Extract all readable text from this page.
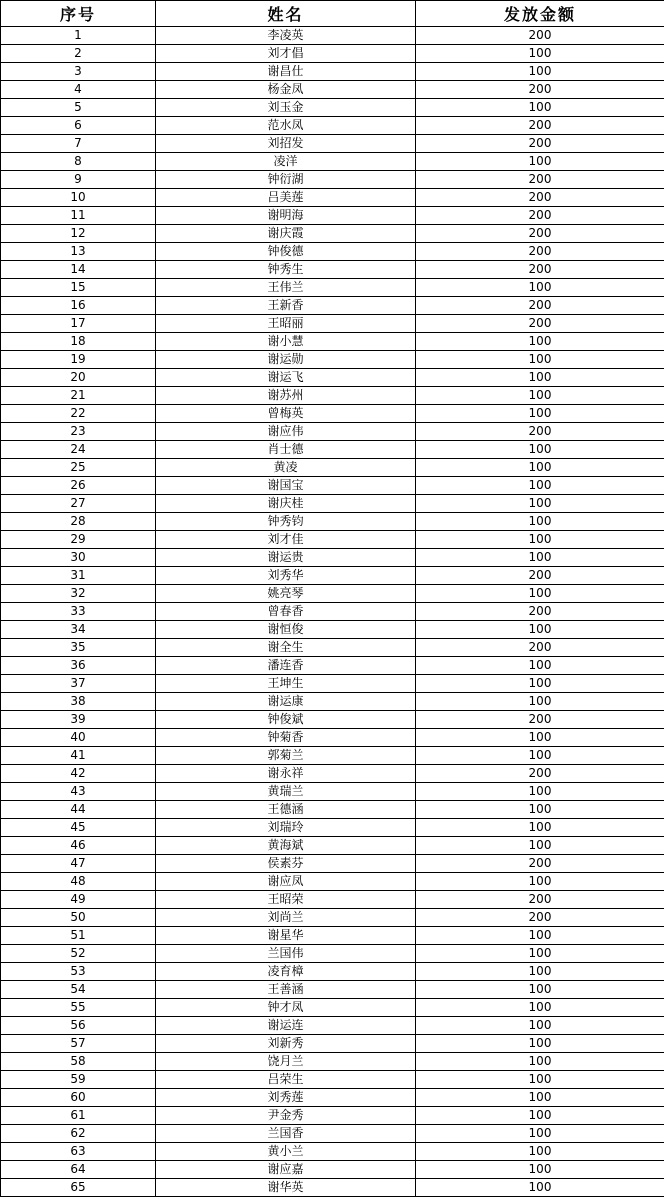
序号	姓名	发放金额
1	李凌英	200
2	刘才倡	100
3	谢昌仕	100
4	杨金凤	200
5	刘玉金	100
6	范水凤	200
7	刘招发	200
8	凌洋	100
9	钟衍湖	200
10	吕美莲	200
11	谢明海	200
12	谢庆霞	200
13	钟俊德	200
14	钟秀生	200
15	王伟兰	100
16	王新香	200
17	王昭丽	200
18	谢小慧	100
19	谢运勋	100
20	谢运飞	100
21	谢苏州	100
22	曾梅英	100
23	谢应伟	200
24	肖士德	100
25	黄凌	100
26	谢国宝	100
27	谢庆桂	100
28	钟秀钧	100
29	刘才佳	100
30	谢运贵	100
31	刘秀华	200
32	姚亮琴	100
33	曾春香	200
34	谢恒俊	100
35	谢全生	200
36	潘连香	100
37	王坤生	100
38	谢运康	100
39	钟俊斌	200
40	钟菊香	100
41	郭菊兰	100
42	谢永祥	200
43	黄瑞兰	100
44	王德涵	100
45	刘瑞玲	100
46	黄海斌	100
47	侯素芬	200
48	谢应凤	100
49	王昭荣	200
50	刘尚兰	200
51	谢星华	100
52	兰国伟	100
53	凌育樟	100
54	王善涵	100
55	钟才凤	100
56	谢运连	100
57	刘新秀	100
58	饶月兰	100
59	吕荣生	100
60	刘秀莲	100
61	尹金秀	100
62	兰国香	100
63	黄小兰	100
64	谢应嘉	100
65	谢华英	100
